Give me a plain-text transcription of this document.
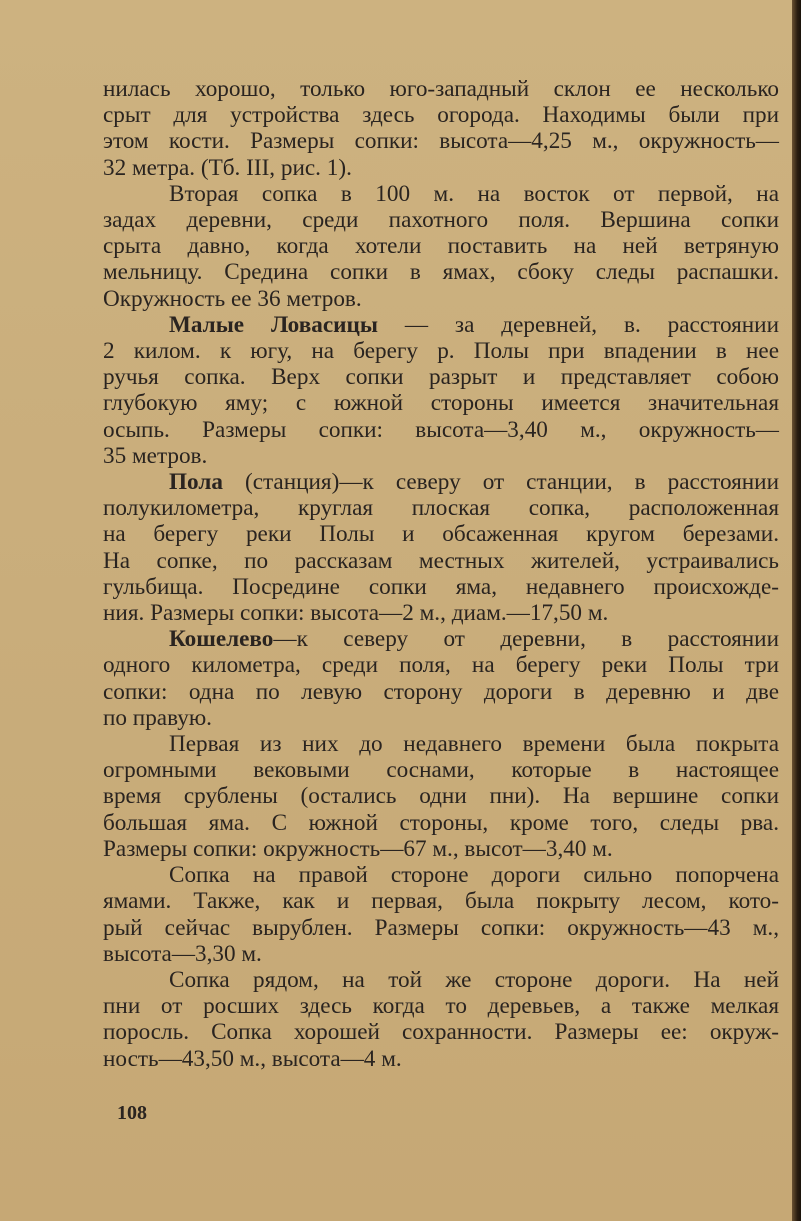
нилась хорошо, только юго-западный склон ее несколько
срыт для устройства здесь огорода. Находимы были при
этом кости. Размеры сопки: высота—4,25 м., окружность—
32 метра. (Тб. III, рис. 1).
Вторая сопка в 100 м. на восток от первой, на
задах деревни, среди пахотного поля. Вершина сопки
срыта давно, когда хотели поставить на ней ветряную
мельницу. Средина сопки в ямах, сбоку следы распашки.
Окружность ее 36 метров.
Малые Ловасицы — за деревней, в. расстоянии
2 килом. к югу, на берегу р. Полы при впадении в нее
ручья сопка. Верх сопки разрыт и представляет собою
глубокую яму; с южной стороны имеется значительная
осыпь. Размеры сопки: высота—3,40 м., окружность—
35 метров.
Пола (станция)—к северу от станции, в расстоянии
полукилометра, круглая плоская сопка, расположенная
на берегу реки Полы и обсаженная кругом березами.
На сопке, по рассказам местных жителей, устраивались
гульбища. Посредине сопки яма, недавнего происхожде-
ния. Размеры сопки: высота—2 м., диам.—17,50 м.
Кошелево—к северу от деревни, в расстоянии
одного километра, среди поля, на берегу реки Полы три
сопки: одна по левую сторону дороги в деревню и две
по правую.
Первая из них до недавнего времени была покрыта
огромными вековыми соснами, которые в настоящее
время срублены (остались одни пни). На вершине сопки
большая яма. С южной стороны, кроме того, следы рва.
Размеры сопки: окружность—67 м., высот—3,40 м.
Сопка на правой стороне дороги сильно попорчена
ямами. Также, как и первая, была покрыту лесом, кото-
рый сейчас вырублен. Размеры сопки: окружность—43 м.,
высота—3,30 м.
Сопка рядом, на той же стороне дороги. На ней
пни от росших здесь когда то деревьев, а также мелкая
поросль. Сопка хорошей сохранности. Размеры ее: окруж-
ность—43,50 м., высота—4 м.
108
